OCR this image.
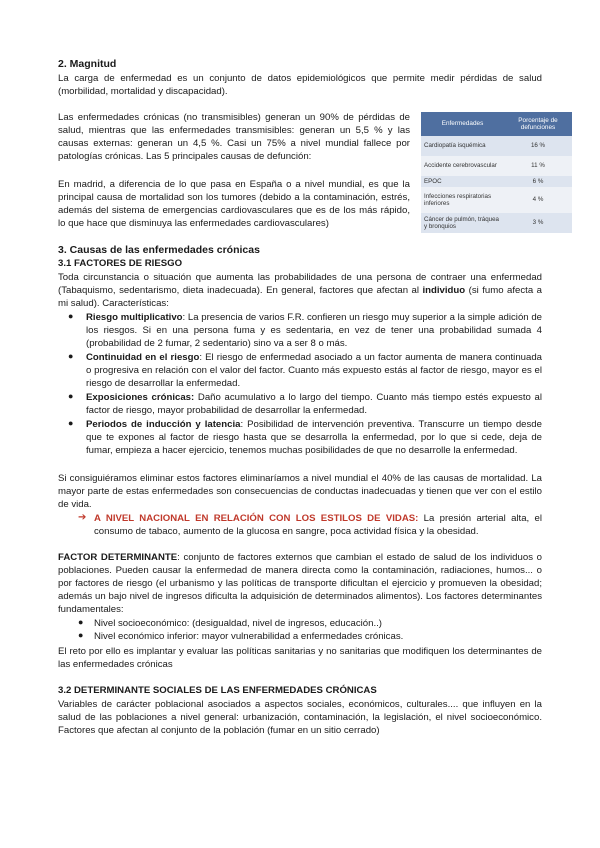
2. Magnitud
La carga de enfermedad es un conjunto de datos epidemiológicos que permite medir pérdidas de salud (morbilidad, mortalidad y discapacidad).
Las enfermedades crónicas (no transmisibles) generan un 90% de pérdidas de salud, mientras que las enfermedades transmisibles: generan un 5,5 % y las causas externas: generan un 4,5 %. Casi un 75% a nivel mundial fallece por patologías crónicas. Las 5 principales causas de defunción:
En madrid, a diferencia de lo que pasa en España o a nivel mundial, es que la principal causa de mortalidad son los tumores (debido a la contaminación, estrés, además del sistema de emergencias cardiovasculares que es de los más rápido, lo que hace que disminuya las enfermedades cardiovasculares)
Enfermedades	Porcentaje de defunciones
Cardiopatía isquémica	16 %
Accidente cerebrovascular	11 %
EPOC	6 %
Infecciones respiratorias inferiores	4 %
Cáncer de pulmón, tráquea y bronquios	3 %
3. Causas de las enfermedades crónicas
3.1 FACTORES DE RIESGO
Toda circunstancia o situación que aumenta las probabilidades de una persona de contraer una enfermedad (Tabaquismo, sedentarismo, dieta inadecuada). En general, factores que afectan al individuo (si fumo afecta a mi salud). Características:
● Riesgo multiplicativo: La presencia de varios F.R. confieren un riesgo muy superior a la simple adición de los riesgos. Si en una persona fuma y es sedentaria, en vez de tener una probabilidad sumada 4 (probabilidad de 2 fumar, 2 sedentario) sino va a ser 8 o más.
● Continuidad en el riesgo: El riesgo de enfermedad asociado a un factor aumenta de manera continuada o progresiva en relación con el valor del factor. Cuanto más expuesto estás al factor de riesgo, mayor es el riesgo de desarrollar la enfermedad.
● Exposiciones crónicas: Daño acumulativo a lo largo del tiempo. Cuanto más tiempo estés expuesto al factor de riesgo, mayor probabilidad de desarrollar la enfermedad.
● Periodos de inducción y latencia: Posibilidad de intervención preventiva. Transcurre un tiempo desde que te expones al factor de riesgo hasta que se desarrolla la enfermedad, por lo que si cede, deja de fumar, empieza a hacer ejercicio, tenemos muchas posibilidades de que no desarrolle la enfermedad.
Si consiguiéramos eliminar estos factores eliminaríamos a nivel mundial el 40% de las causas de mortalidad. La mayor parte de estas enfermedades son consecuencias de conductas inadecuadas y tienen que ver con el estilo de vida.
➔ A NIVEL NACIONAL EN RELACIÓN CON LOS ESTILOS DE VIDAS: La presión arterial alta, el consumo de tabaco, aumento de la glucosa en sangre, poca actividad física y la obesidad.
FACTOR DETERMINANTE: conjunto de factores externos que cambian el estado de salud de los individuos o poblaciones. Pueden causar la enfermedad de manera directa como la contaminación, radiaciones, humos... o por factores de riesgo (el urbanismo y las políticas de transporte dificultan el ejercicio y promueven la obesidad; además un bajo nivel de ingresos dificulta la adquisición de determinados alimentos). Los factores determinantes fundamentales:
● Nivel socioeconómico: (desigualdad, nivel de ingresos, educación..)
● Nivel económico inferior: mayor vulnerabilidad a enfermedades crónicas.
El reto por ello es implantar y evaluar las políticas sanitarias y no sanitarias que modifiquen los determinantes de las enfermedades crónicas
3.2 DETERMINANTE SOCIALES DE LAS ENFERMEDADES CRÓNICAS
Variables de carácter poblacional asociados a aspectos sociales, económicos, culturales.... que influyen en la salud de las poblaciones a nivel general: urbanización, contaminación, la legislación, el nivel socioeconómico. Factores que afectan al conjunto de la población (fumar en un sitio cerrado)
